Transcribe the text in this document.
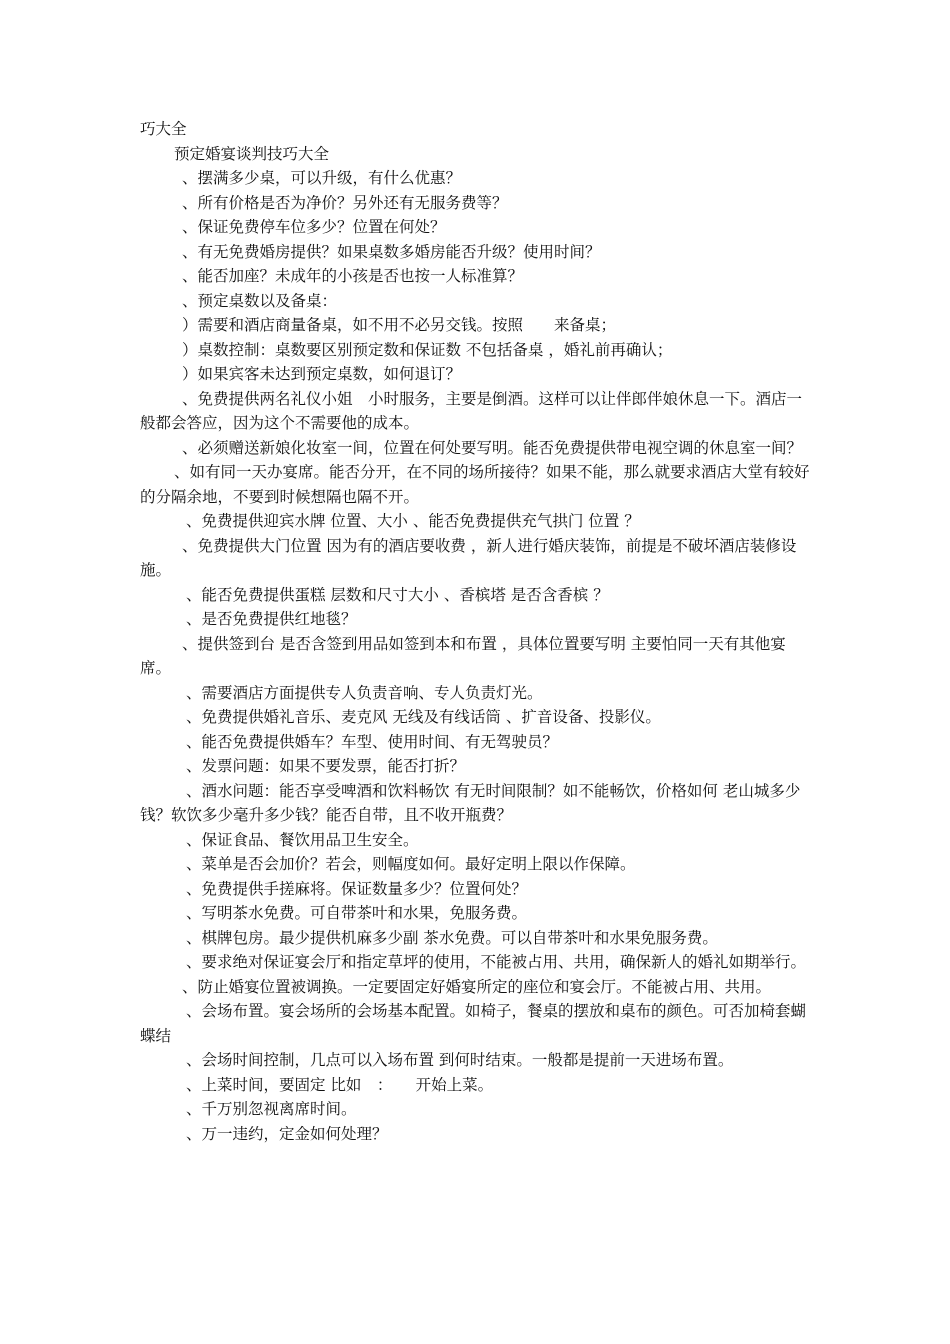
巧大全
预定婚宴谈判技巧大全
、摆满多少桌，可以升级，有什么优惠？
、所有价格是否为净价？另外还有无服务费等？
、保证免费停车位多少？位置在何处？
、有无免费婚房提供？如果桌数多婚房能否升级？使用时间？
、能否加座？未成年的小孩是否也按一人标准算？
、预定桌数以及备桌：
）需要和酒店商量备桌，如不用不必另交钱。按照　　来备桌；
）桌数控制：桌数要区别预定数和保证数 不包括备桌 ，婚礼前再确认；
）如果宾客未达到预定桌数，如何退订？
、免费提供两名礼仪小姐　小时服务，主要是倒酒。这样可以让伴郎伴娘休息一下。酒店一般都会答应，因为这个不需要他的成本。
、必须赠送新娘化妆室一间，位置在何处要写明。能否免费提供带电视空调的休息室一间？
、如有同一天办宴席。能否分开，在不同的场所接待？如果不能，那么就要求酒店大堂有较好的分隔余地，不要到时候想隔也隔不开。
、免费提供迎宾水牌 位置、大小 、能否免费提供充气拱门 位置 ？
、免费提供大门位置 因为有的酒店要收费 ，新人进行婚庆装饰，前提是不破坏酒店装修设施。
、能否免费提供蛋糕 层数和尺寸大小 、香槟塔 是否含香槟 ？
、是否免费提供红地毯？
、提供签到台 是否含签到用品如签到本和布置 ，具体位置要写明 主要怕同一天有其他宴席。
、需要酒店方面提供专人负责音响、专人负责灯光。
、免费提供婚礼音乐、麦克风 无线及有线话筒 、扩音设备、投影仪。
、能否免费提供婚车？车型、使用时间、有无驾驶员？
、发票问题：如果不要发票，能否打折？
、酒水问题：能否享受啤酒和饮料畅饮 有无时间限制？如不能畅饮，价格如何 老山城多少钱？软饮多少毫升多少钱？能否自带，且不收开瓶费？
、保证食品、餐饮用品卫生安全。
、菜单是否会加价？若会，则幅度如何。最好定明上限以作保障。
、免费提供手搓麻将。保证数量多少？位置何处？
、写明茶水免费。可自带茶叶和水果，免服务费。
、棋牌包房。最少提供机麻多少副 茶水免费。可以自带茶叶和水果免服务费。
、要求绝对保证宴会厅和指定草坪的使用，不能被占用、共用，确保新人的婚礼如期举行。
、防止婚宴位置被调换。一定要固定好婚宴所定的座位和宴会厅。不能被占用、共用。
、会场布置。宴会场所的会场基本配置。如椅子，餐桌的摆放和桌布的颜色。可否加椅套蝴蝶结
、会场时间控制，几点可以入场布置 到何时结束。一般都是提前一天进场布置。
、上菜时间，要固定 比如　：　　开始上菜。
、千万别忽视离席时间。
、万一违约，定金如何处理？
